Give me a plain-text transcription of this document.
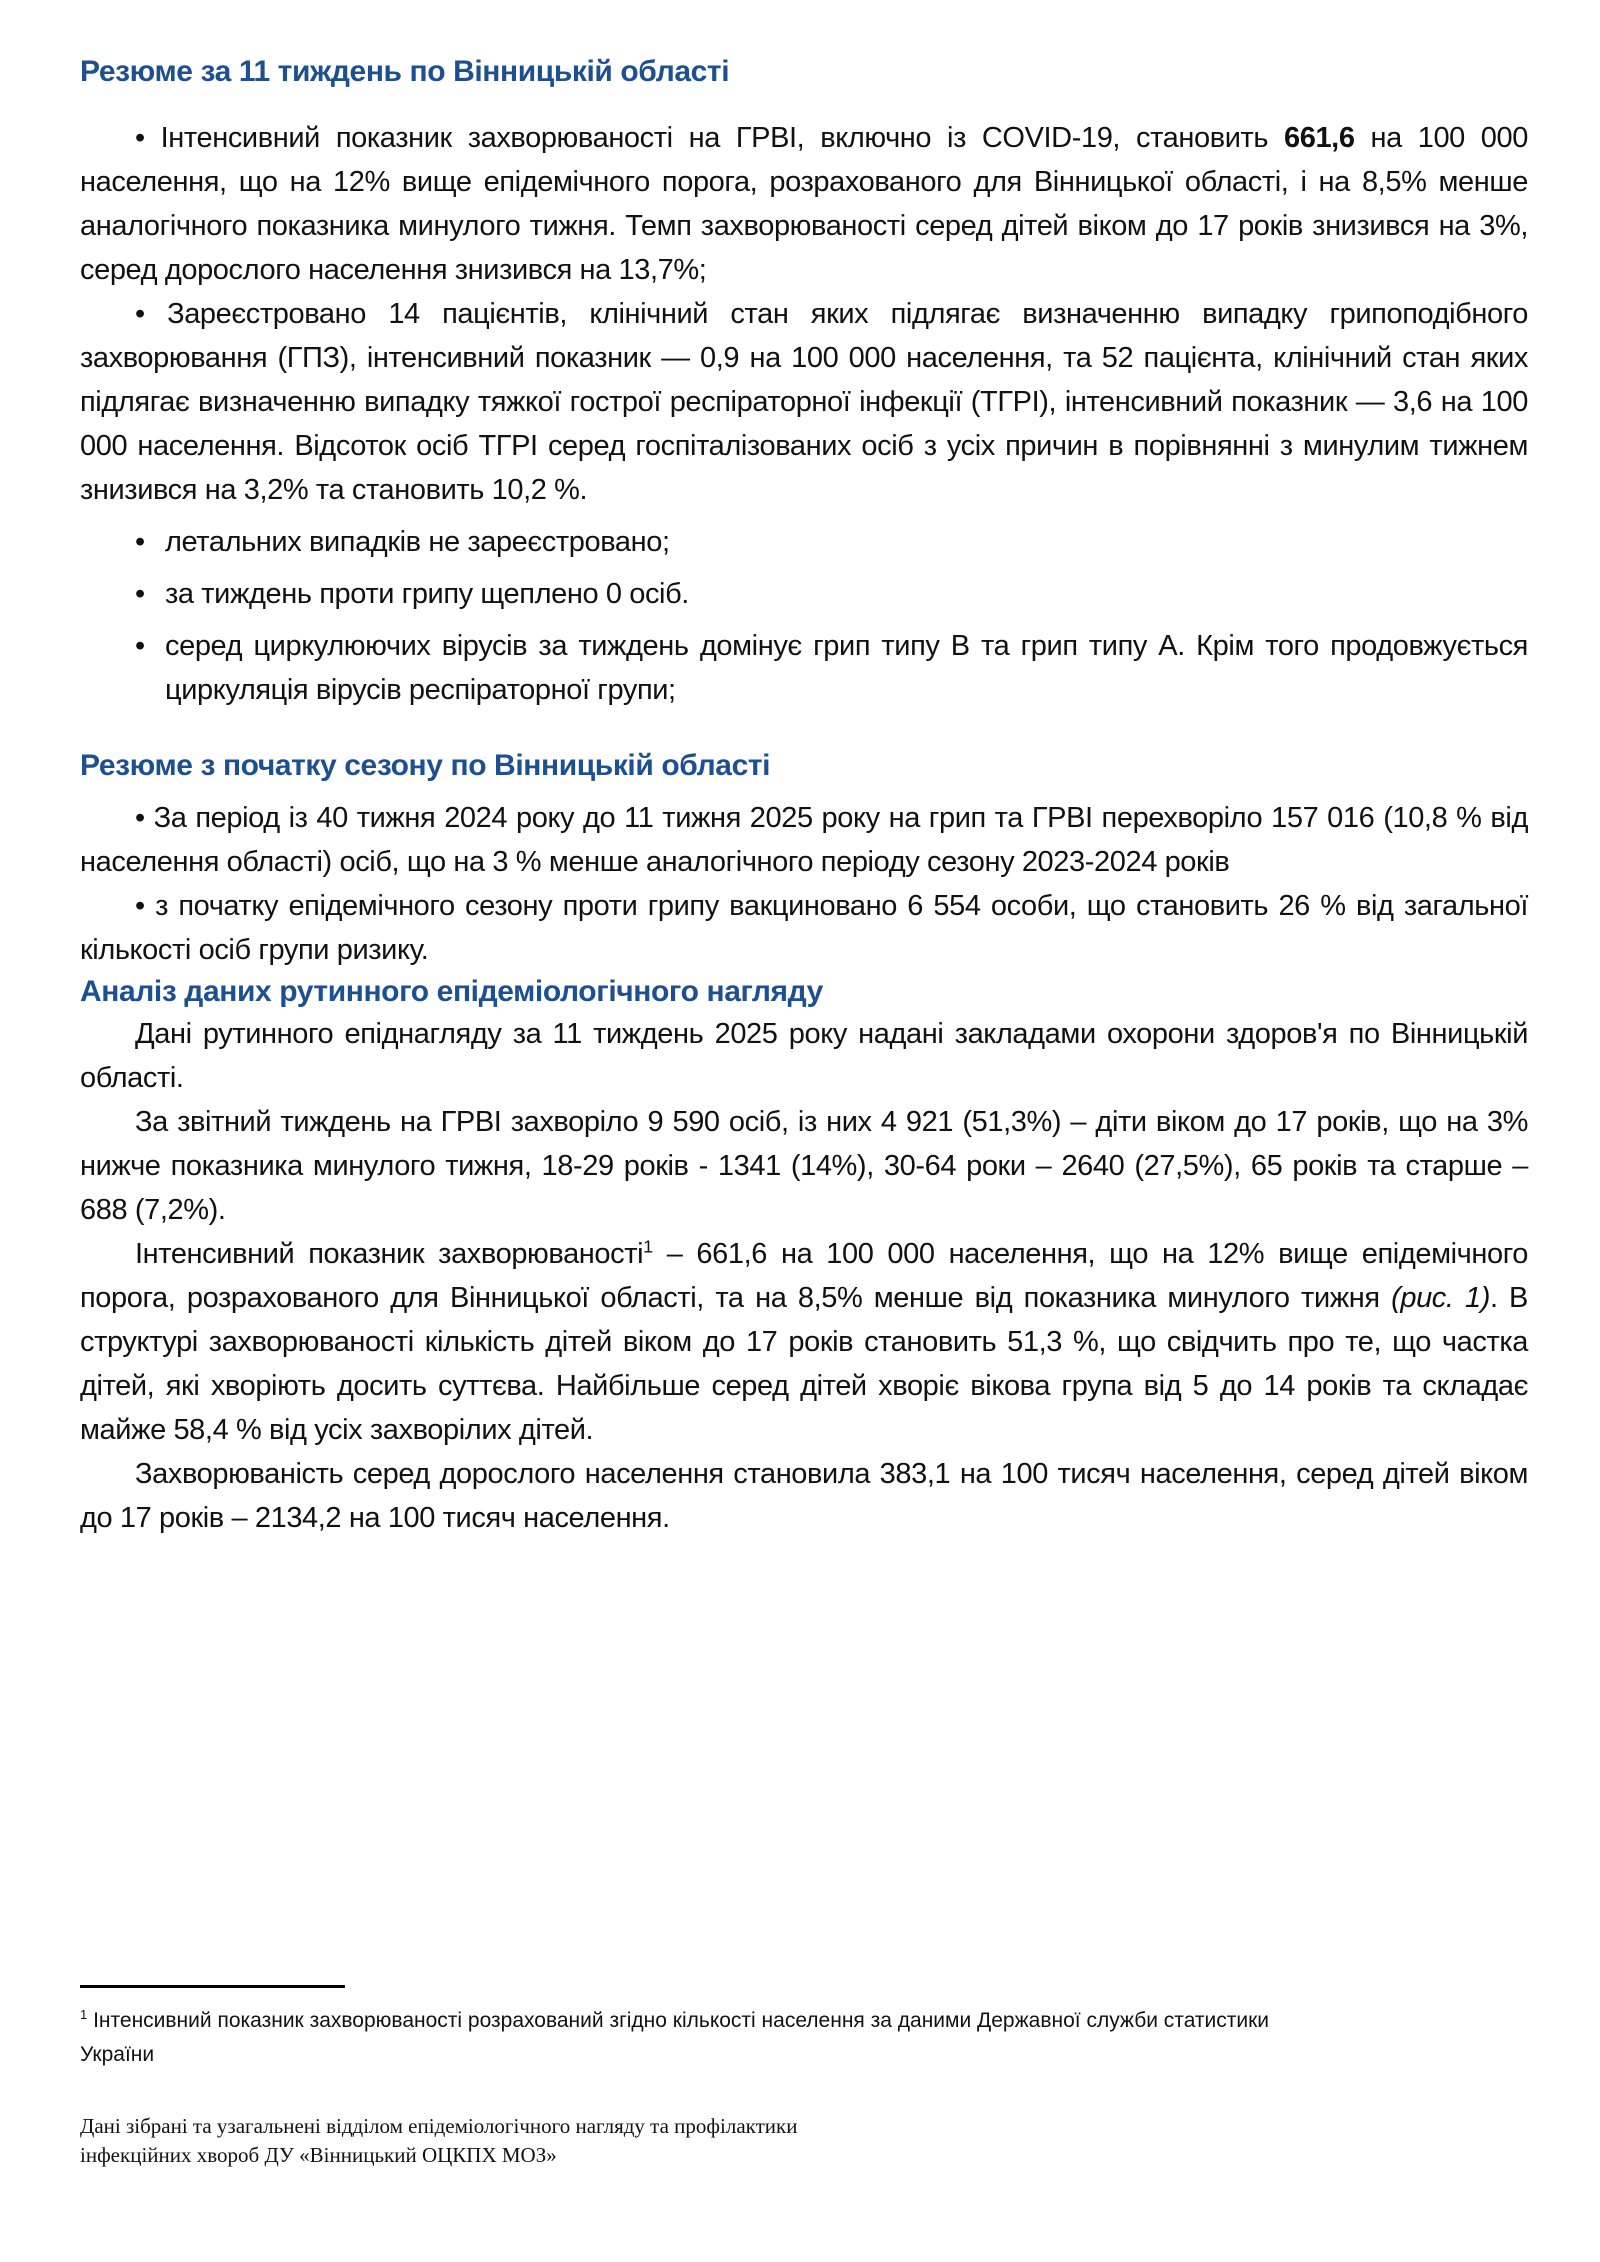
Резюме за 11 тиждень по Вінницькій області
• Інтенсивний показник захворюваності на ГРВІ, включно із COVID-19, становить 661,6 на 100 000 населення, що на 12% вище епідемічного порога, розрахованого для Вінницької області, і на 8,5% менше аналогічного показника минулого тижня. Темп захворюваності серед дітей віком до 17 років знизився на 3%, серед дорослого населення знизився на 13,7%;
• Зареєстровано 14 пацієнтів, клінічний стан яких підлягає визначенню випадку грипоподібного захворювання (ГПЗ), інтенсивний показник — 0,9 на 100 000 населення, та 52 пацієнта, клінічний стан яких підлягає визначенню випадку тяжкої гострої респіраторної інфекції (ТГРІ), інтенсивний показник — 3,6 на 100 000 населення. Відсоток осіб ТГРІ серед госпіталізованих осіб з усіх причин в порівнянні з минулим тижнем знизився на 3,2% та становить 10,2 %.
• летальних випадків не зареєстровано;
• за тиждень проти грипу щеплено 0 осіб.
• серед циркулюючих вірусів за тиждень домінує грип типу В та грип типу А. Крім того продовжується циркуляція вірусів респіраторної групи;
Резюме з початку сезону по Вінницькій області
• За період із 40 тижня 2024 року до 11 тижня 2025 року на грип та ГРВІ перехворіло 157 016 (10,8 % від населення області) осіб, що на 3 % менше аналогічного періоду сезону 2023-2024 років
• з початку епідемічного сезону проти грипу вакциновано 6 554 особи, що становить 26 % від загальної кількості осіб групи ризику.
Аналіз даних рутинного епідеміологічного нагляду
Дані рутинного епіднагляду за 11 тиждень 2025 року надані закладами охорони здоров'я по Вінницькій області.
За звітний тиждень на ГРВІ захворіло 9 590 осіб, із них 4 921 (51,3%) – діти віком до 17 років, що на 3% нижче показника минулого тижня, 18-29 років - 1341 (14%), 30-64 роки – 2640 (27,5%), 65 років та старше – 688 (7,2%).
Інтенсивний показник захворюваності$^1$ – 661,6 на 100 000 населення, що на 12% вище епідемічного порога, розрахованого для Вінницької області, та на 8,5% менше від показника минулого тижня (рис. 1). В структурі захворюваності кількість дітей віком до 17 років становить 51,3 %, що свідчить про те, що частка дітей, які хворіють досить суттєва. Найбільше серед дітей хворіє вікова група від 5 до 14 років та складає майже 58,4 % від усіх захворілих дітей.
Захворюваність серед дорослого населення становила 383,1 на 100 тисяч населення, серед дітей віком до 17 років – 2134,2 на 100 тисяч населення.
$^1$ Інтенсивний показник захворюваності розрахований згідно кількості населення за даними Державної служби статистики України
Дані зібрані та узагальнені відділом епідеміологічного нагляду та профілактики
інфекційних хвороб ДУ «Вінницький ОЦКПХ МОЗ»
